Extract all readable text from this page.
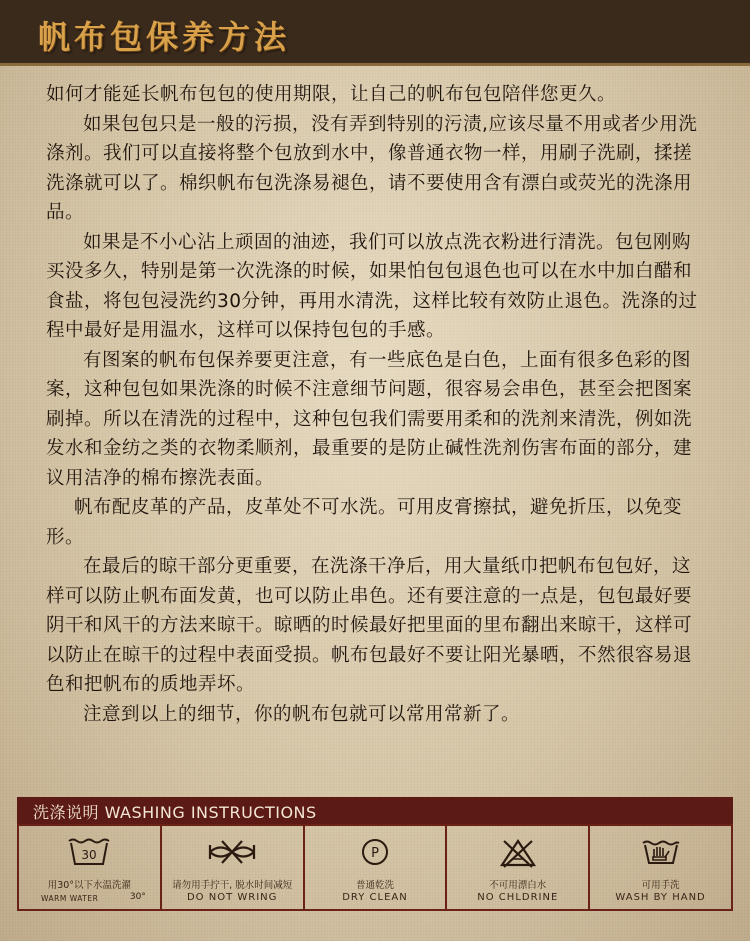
帆布包保养方法

如何才能延长帆布包包的使用期限，让自己的帆布包包陪伴您更久。

如果包包只是一般的污损，没有弄到特别的污渍,应该尽量不用或者少用洗涤剂。我们可以直接将整个包放到水中，像普通衣物一样，用刷子洗刷，揉搓洗涤就可以了。棉织帆布包洗涤易褪色，请不要使用含有漂白或荧光的洗涤用品。

如果是不小心沾上顽固的油迹，我们可以放点洗衣粉进行清洗。包包刚购买没多久，特别是第一次洗涤的时候，如果怕包包退色也可以在水中加白醋和食盐，将包包浸洗约30分钟，再用水清洗，这样比较有效防止退色。洗涤的过程中最好是用温水，这样可以保持包包的手感。

有图案的帆布包保养要更注意，有一些底色是白色，上面有很多色彩的图案，这种包包如果洗涤的时候不注意细节问题，很容易会串色，甚至会把图案刷掉。所以在清洗的过程中，这种包包我们需要用柔和的洗剂来清洗，例如洗发水和金纺之类的衣物柔顺剂，最重要的是防止碱性洗剂伤害布面的部分，建议用洁净的棉布擦洗表面。

帆布配皮革的产品，皮革处不可水洗。可用皮膏擦拭，避免折压，以免变形。

在最后的晾干部分更重要，在洗涤干净后，用大量纸巾把帆布包包好，这样可以防止帆布面发黄，也可以防止串色。还有要注意的一点是，包包最好要阴干和风干的方法来晾干。晾晒的时候最好把里面的里布翻出来晾干，这样可以防止在晾干的过程中表面受损。帆布包最好不要让阳光暴晒，不然很容易退色和把帆布的质地弄坏。

注意到以上的细节，你的帆布包就可以常用常新了。

洗涤说明 WASHING INSTRUCTIONS
30
用30°以下水温洗濯
WARM WATER	30°
请勿用手拧干, 脱水时间减短
DO NOT WRING
P
普通乾洗
DRY CLEAN
不可用漂白水
NO CHLDRINE
可用手洗
WASH BY HAND
